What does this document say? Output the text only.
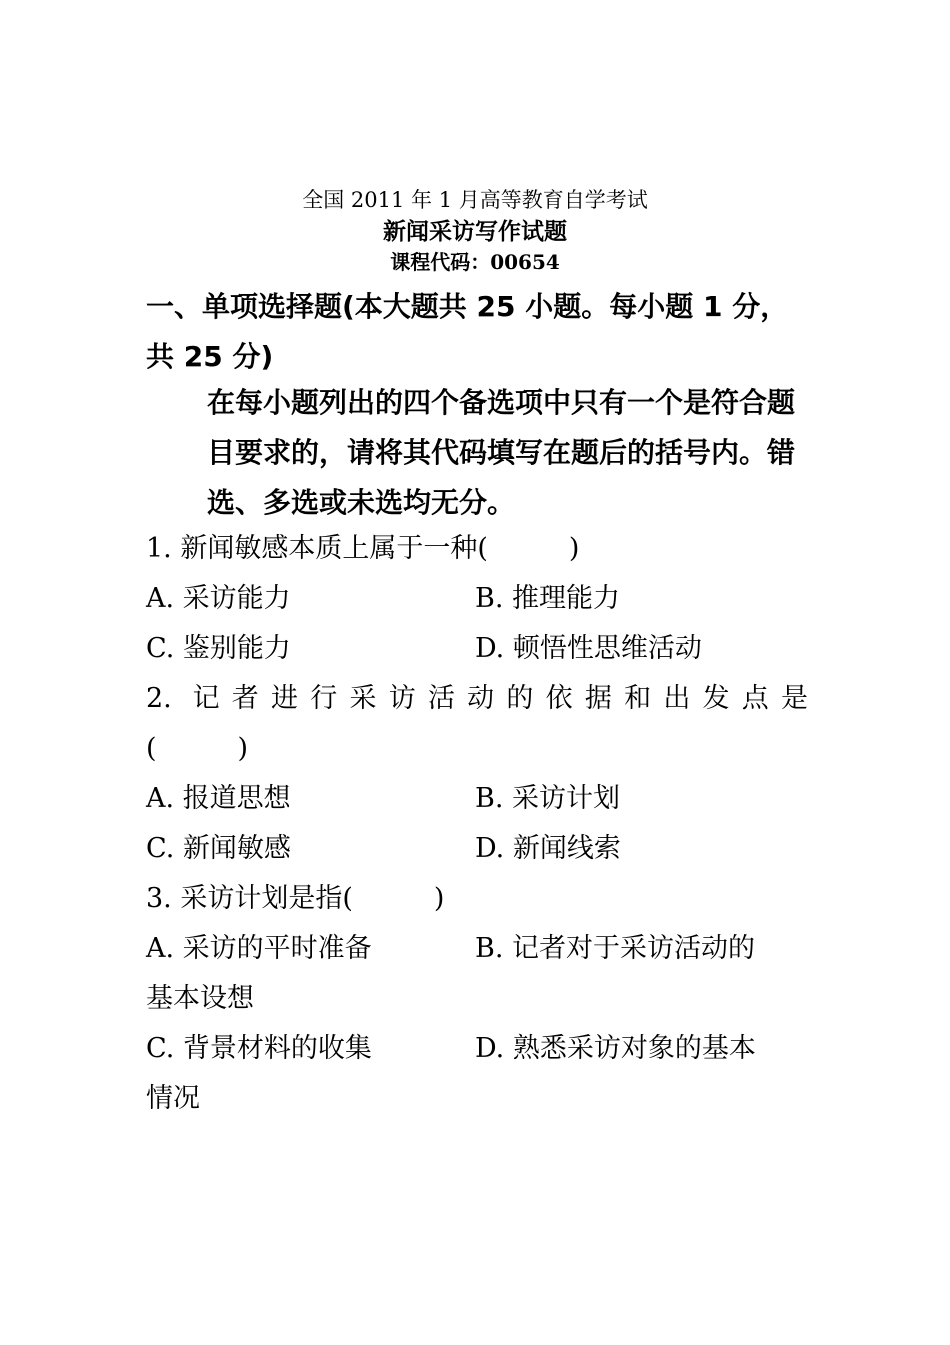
全国 2011 年 1 月高等教育自学考试
新闻采访写作试题
课程代码：00654
一、单项选择题(本大题共 25 小题。每小题 1 分，共 25 分)
在每小题列出的四个备选项中只有一个是符合题目要求的，请将其代码填写在题后的括号内。错选、多选或未选均无分。
1. 新闻敏感本质上属于一种(　　　)
A. 采访能力	B. 推理能力
C. 鉴别能力	D. 顿悟性思维活动
2. 记者进行采访活动的依据和出发点是
(　　　)
A. 报道思想	B. 采访计划
C. 新闻敏感	D. 新闻线索
3. 采访计划是指(　　　)
A. 采访的平时准备	B. 记者对于采访活动的
基本设想
C. 背景材料的收集	D. 熟悉采访对象的基本
情况
